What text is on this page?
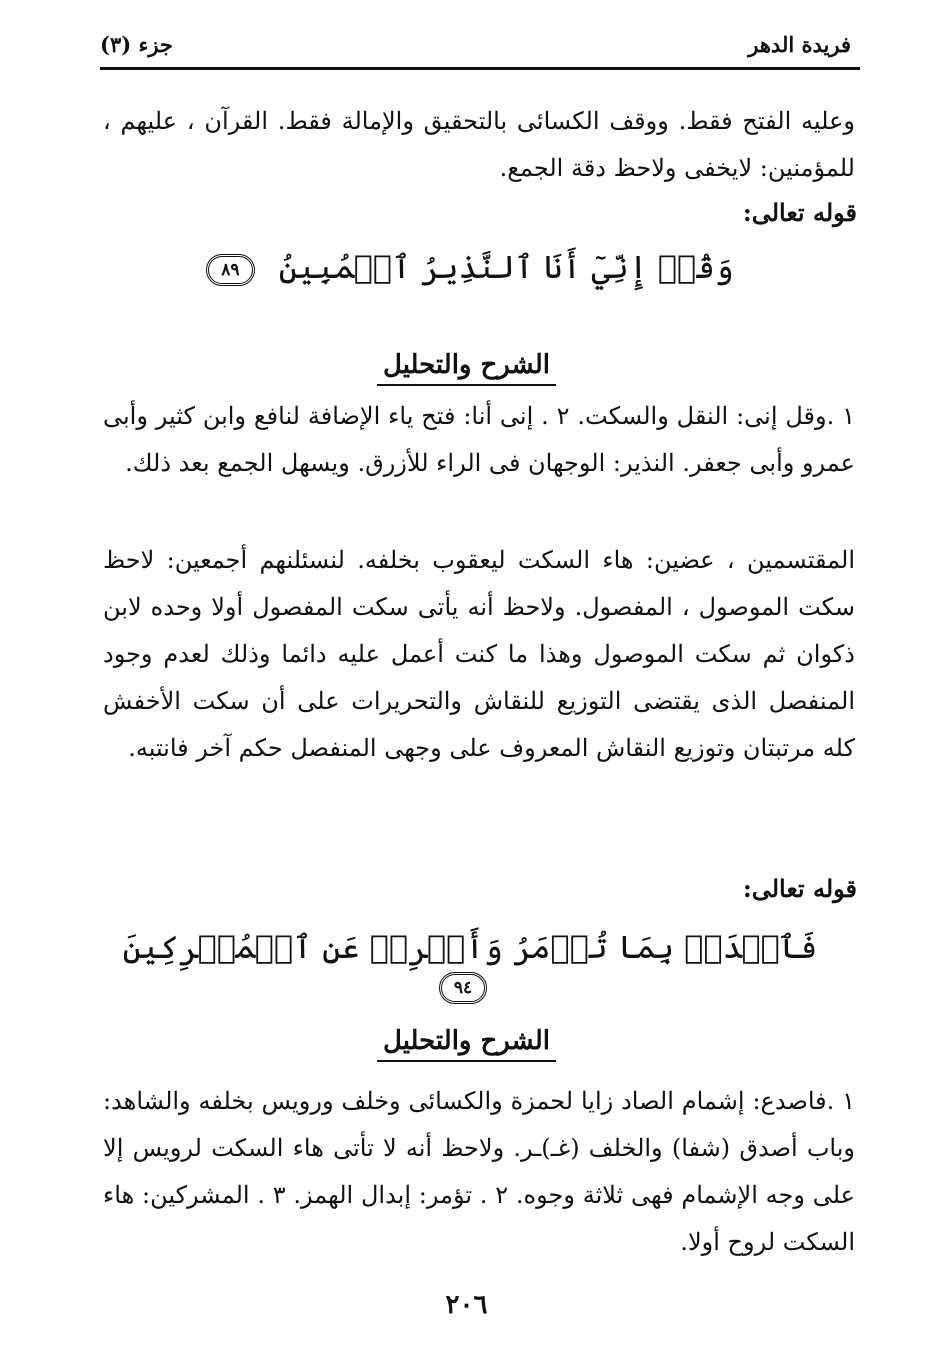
فريدة الدهر
جزء (٣)

وعليه الفتح فقط. ووقف الكسائى بالتحقيق والإمالة فقط. القرآن ، عليهم ، للمؤمنين: لايخفى ولاحظ دقة الجمع.

قوله تعالى:
وَقُلۡ إِنِّيٓ أَنَا ٱلنَّذِيرُ ٱلۡمُبِينُ ٨٩
الشرح والتحليل

١ .وقل إنى: النقل والسكت. ٢ . إنى أنا: فتح ياء الإضافة لنافع وابن كثير وأبى عمرو وأبى جعفر. النذير: الوجهان فى الراء للأزرق. ويسهل الجمع بعد ذلك.

المقتسمين ، عضين: هاء السكت ليعقوب بخلفه. لنسئلنهم أجمعين: لاحظ سكت الموصول ، المفصول. ولاحظ أنه يأتى سكت المفصول أولا وحده لابن ذكوان ثم سكت الموصول وهذا ما كنت أعمل عليه دائما وذلك لعدم وجود المنفصل الذى يقتضى التوزيع للنقاش والتحريرات على أن سكت الأخفش كله مرتبتان وتوزيع النقاش المعروف على وجهى المنفصل حكم آخر فانتبه.

قوله تعالى:
فَٱصۡدَعۡ بِمَا تُؤۡمَرُ وَأَعۡرِضۡ عَنِ ٱلۡمُشۡرِكِينَ ٩٤
الشرح والتحليل

١ .فاصدع: إشمام الصاد زايا لحمزة والكسائى وخلف ورويس بخلفه والشاهد: وباب أصدق (شفا) والخلف (غـ)ـر. ولاحظ أنه لا تأتى هاء السكت لرويس إلا على وجه الإشمام فهى ثلاثة وجوه. ٢ . تؤمر: إبدال الهمز. ٣ . المشركين: هاء السكت لروح أولا.

٢٠٦
